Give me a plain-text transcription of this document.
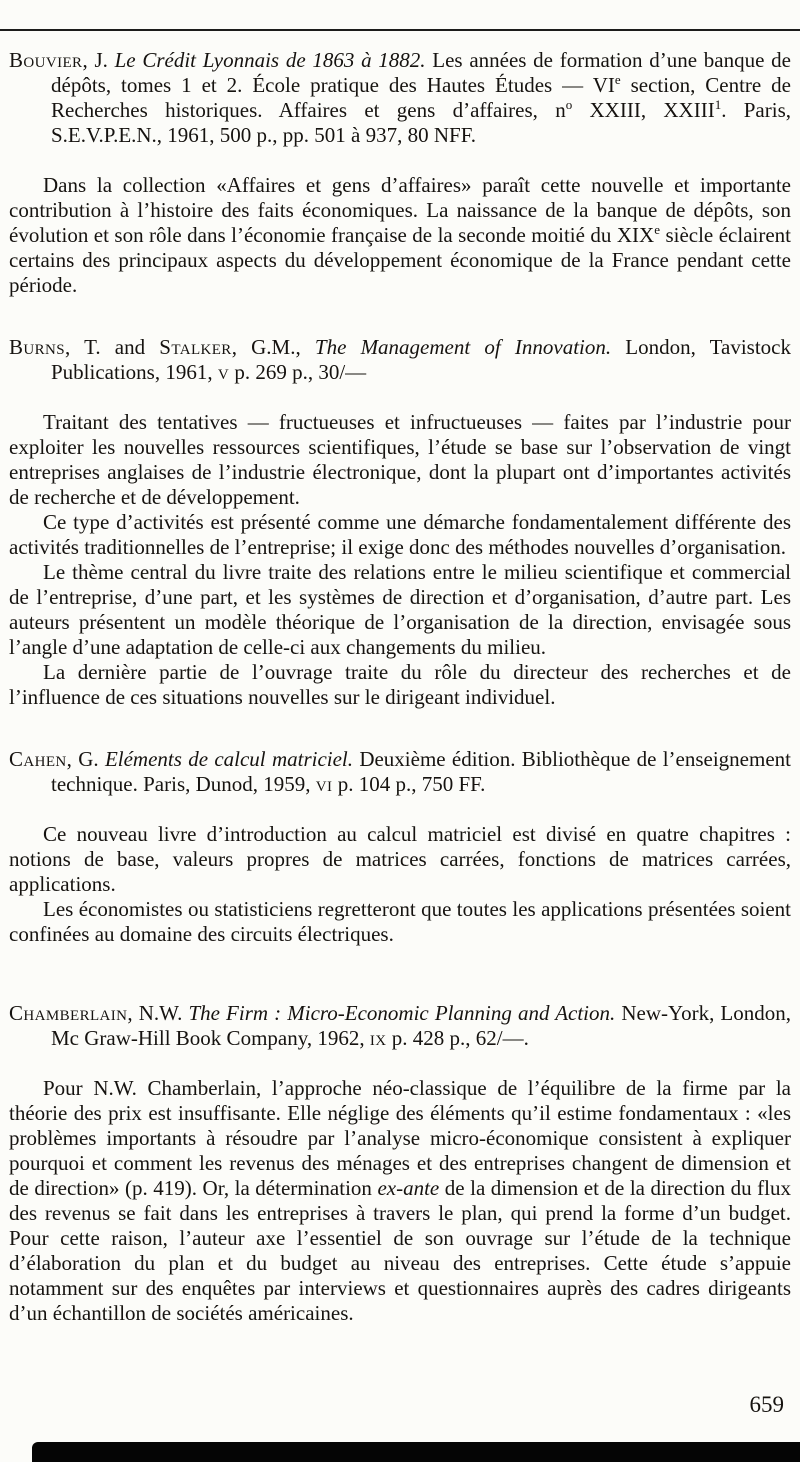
Bouvier, J. Le Crédit Lyonnais de 1863 à 1882. Les années de formation d’une banque de dépôts, tomes 1 et 2. École pratique des Hautes Études — VIe section, Centre de Recherches historiques. Affaires et gens d’affaires, $n^o$ XXIII, XXIII$^1$. Paris, S.E.V.P.E.N., 1961, 500 p., pp. 501 à 937, 80 NFF.

Dans la collection «Affaires et gens d’affaires» paraît cette nouvelle et importante contribution à l’histoire des faits économiques. La naissance de la banque de dépôts, son évolution et son rôle dans l’économie française de la seconde moitié du XIXe siècle éclairent certains des principaux aspects du développement économique de la France pendant cette période.

Burns, T. and Stalker, G.M., The Management of Innovation. London, Tavistock Publications, 1961, v p. 269 p., 30/—

Traitant des tentatives — fructueuses et infructueuses — faites par l’industrie pour exploiter les nouvelles ressources scientifiques, l’étude se base sur l’observation de vingt entreprises anglaises de l’industrie électronique, dont la plupart ont d’importantes activités de recherche et de développement.

Ce type d’activités est présenté comme une démarche fondamentalement différente des activités traditionnelles de l’entreprise; il exige donc des méthodes nouvelles d’organisation.

Le thème central du livre traite des relations entre le milieu scientifique et commercial de l’entreprise, d’une part, et les systèmes de direction et d’organisation, d’autre part. Les auteurs présentent un modèle théorique de l’organisation de la direction, envisagée sous l’angle d’une adaptation de celle-ci aux changements du milieu.

La dernière partie de l’ouvrage traite du rôle du directeur des recherches et de l’influence de ces situations nouvelles sur le dirigeant individuel.

Cahen, G. Eléments de calcul matriciel. Deuxième édition. Bibliothèque de l’enseignement technique. Paris, Dunod, 1959, vi p. 104 p., 750 FF.

Ce nouveau livre d’introduction au calcul matriciel est divisé en quatre chapitres : notions de base, valeurs propres de matrices carrées, fonctions de matrices carrées, applications.

Les économistes ou statisticiens regretteront que toutes les applications présentées soient confinées au domaine des circuits électriques.

Chamberlain, N.W. The Firm : Micro-Economic Planning and Action. New-York, London, Mc Graw-Hill Book Company, 1962, ix p. 428 p., 62/—.

Pour N.W. Chamberlain, l’approche néo-classique de l’équilibre de la firme par la théorie des prix est insuffisante. Elle néglige des éléments qu’il estime fondamentaux : «les problèmes importants à résoudre par l’analyse micro-économique consistent à expliquer pourquoi et comment les revenus des ménages et des entreprises changent de dimension et de direction» (p. 419). Or, la détermination ex-ante de la dimension et de la direction du flux des revenus se fait dans les entreprises à travers le plan, qui prend la forme d’un budget. Pour cette raison, l’auteur axe l’essentiel de son ouvrage sur l’étude de la technique d’élaboration du plan et du budget au niveau des entreprises. Cette étude s’appuie notamment sur des enquêtes par interviews et questionnaires auprès des cadres dirigeants d’un échantillon de sociétés américaines.

659
